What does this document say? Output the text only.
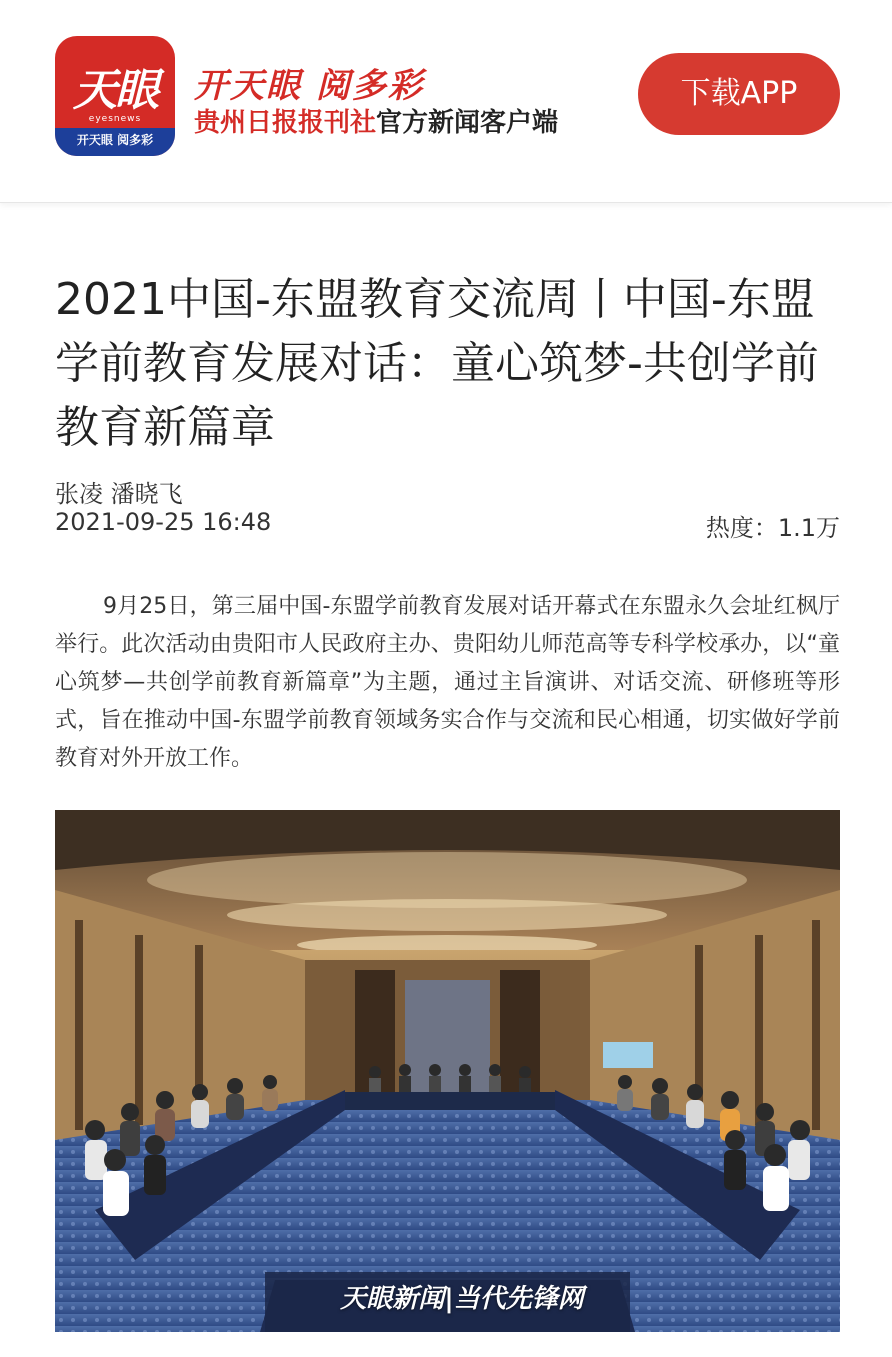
天眼
eyesnews
开天眼 阅多彩
开天眼 阅多彩
贵州日报报刊社官方新闻客户端
下载APP
2021中国-东盟教育交流周丨中国-东盟学前教育发展对话：童心筑梦-共创学前教育新篇章
张凌 潘晓飞
2021-09-25 16:48	热度：1.1万

9月25日，第三届中国-东盟学前教育发展对话开幕式在东盟永久会址红枫厅举行。此次活动由贵阳市人民政府主办、贵阳幼儿师范高等专科学校承办，以“童心筑梦—共创学前教育新篇章”为主题，通过主旨演讲、对话交流、研修班等形式，旨在推动中国-东盟学前教育领域务实合作与交流和民心相通，切实做好学前教育对外开放工作。

天眼新闻|当代先锋网
